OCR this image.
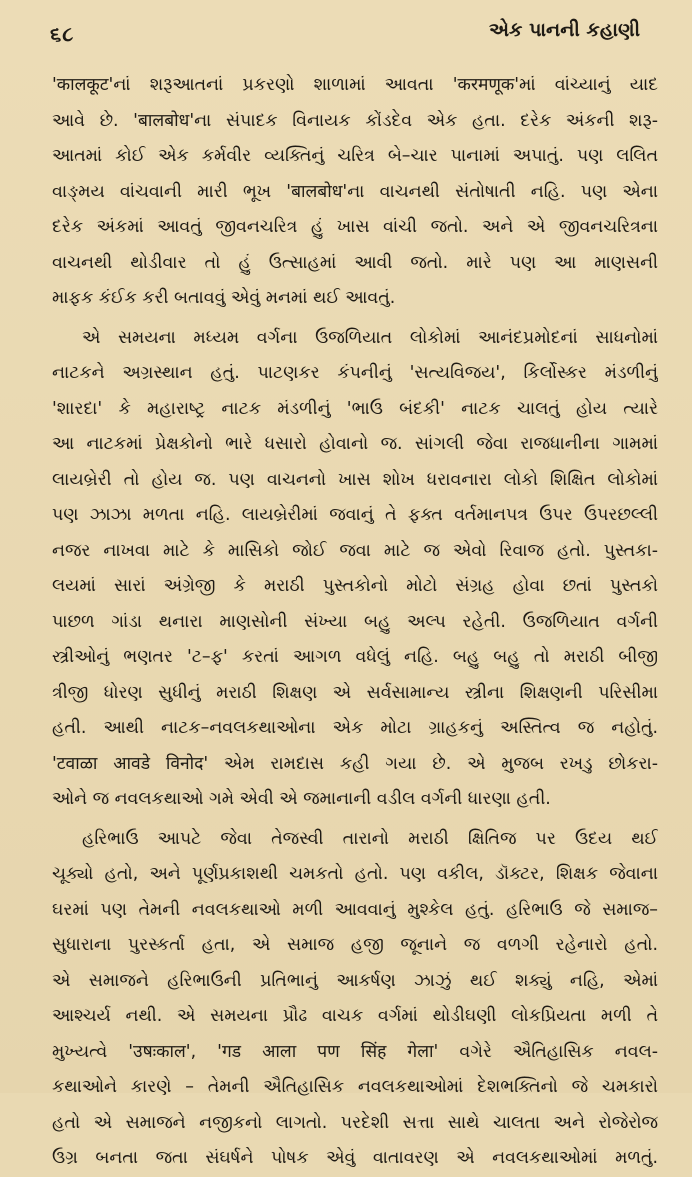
૬૮	એક પાનની કહાણી
'कालकूट'નાં શરૂઆતનાં પ્રકરણો શાળામાં આવતા 'करमणूक'માં વાંચ્યાનું યાદ
આવે છે. 'बालबोध'ના સંપાદક વિનાયક કોંડદેવ એક હતા. દરેક અંકની શરૂ-
આતમાં કોઈ એક કર્મવીર વ્યક્તિનું ચરિત્ર બે–ચાર પાનામાં અપાતું. પણ લલિત
વાઙ્મય વાંચવાની મારી ભૂખ 'बालबोध'ના વાચનથી સંતોષાતી નહિ. પણ એના
દરેક અંકમાં આવતું જીવનચરિત્ર હું ખાસ વાંચી જતો. અને એ જીવનચરિત્રના
વાચનથી થોડીવાર તો હું ઉત્સાહમાં આવી જતો. મારે પણ આ માણસની
માફક કંઈક કરી બતાવવું એવું મનમાં થઈ આવતું.
એ સમયના મધ્યમ વર્ગના ઉજળિયાત લોકોમાં આનંદપ્રમોદનાં સાધનોમાં
નાટકને અગ્રસ્થાન હતું. પાટણકર કંપનીનું 'સત્યવિજય', કિર્લોસ્કર મંડળીનું
'શારદા' કે મહારાષ્ટ્ર નાટક મંડળીનું 'ભાઉ બંદકી' નાટક ચાલતું હોય ત્યારે
આ નાટકમાં પ્રેક્ષકોનો ભારે ધસારો હોવાનો જ. સાંગલી જેવા રાજધાનીના ગામમાં
લાયબ્રેરી તો હોય જ. પણ વાચનનો ખાસ શોખ ધરાવનારા લોકો શિક્ષિત લોકોમાં
પણ ઝાઝા મળતા નહિ. લાયબ્રેરીમાં જવાનું તે ફક્ત વર્તમાનપત્ર ઉપર ઉપરછલ્લી
નજર નાખવા માટે કે માસિકો જોઈ જવા માટે જ એવો રિવાજ હતો. પુસ્તકા-
લયમાં સારાં અંગ્રેજી કે મરાઠી પુસ્તકોનો મોટો સંગ્રહ હોવા છતાં પુસ્તકો
પાછળ ગાંડા થનારા માણસોની સંખ્યા બહુ અલ્પ રહેતી. ઉજળિયાત વર્ગની
સ્ત્રીઓનું ભણતર 'ટ–ફ' કરતાં આગળ વધેલું નહિ. બહુ બહુ તો મરાઠી બીજી
ત્રીજી ધોરણ સુધીનું મરાઠી શિક્ષણ એ સર્વસામાન્ય સ્ત્રીના શિક્ષણની પરિસીમા
હતી. આથી નાટક–નવલકથાઓના એક મોટા ગ્રાહકનું અસ્તિત્વ જ નહોતું.
'टवाळा आवडे विनोद' એમ રામદાસ કહી ગયા છે. એ મુજબ રખડુ છોકરા-
ઓને જ નવલકથાઓ ગમે એવી એ જમાનાની વડીલ વર્ગની ધારણા હતી.
હરિભાઉ આપટે જેવા તેજસ્વી તારાનો મરાઠી ક્ષિતિજ પર ઉદય થઈ
ચૂક્યો હતો, અને પૂર્ણપ્રકાશથી ચમકતો હતો. પણ વકીલ, ડૉક્ટર, શિક્ષક જેવાના
ઘરમાં પણ તેમની નવલકથાઓ મળી આવવાનું મુશ્કેલ હતું. હરિભાઉ જે સમાજ–
સુધારાના પુરસ્કર્તા હતા, એ સમાજ હજી જૂનાને જ વળગી રહેનારો હતો.
એ સમાજને હરિભાઉની પ્રતિભાનું આકર્ષણ ઝાઝું થઈ શક્યું નહિ, એમાં
આશ્ચર્ય નથી. એ સમયના પ્રૌઢ વાચક વર્ગમાં થોડીઘણી લોકપ્રિયતા મળી તે
મુખ્યત્વે 'उषःकाल', 'गड आला पण सिंह गेला' વગેરે ઐતિહાસિક નવલ-
કથાઓને કારણે – તેમની ઐતિહાસિક નવલકથાઓમાં દેશભક્તિનો જે ચમકારો
હતો એ સમાજને નજીકનો લાગતો. પરદેશી સત્તા સાથે ચાલતા અને રોજેરોજ
ઉગ્ર બનતા જતા સંઘર્ષને પોષક એવું વાતાવરણ એ નવલકથાઓમાં મળતું.
